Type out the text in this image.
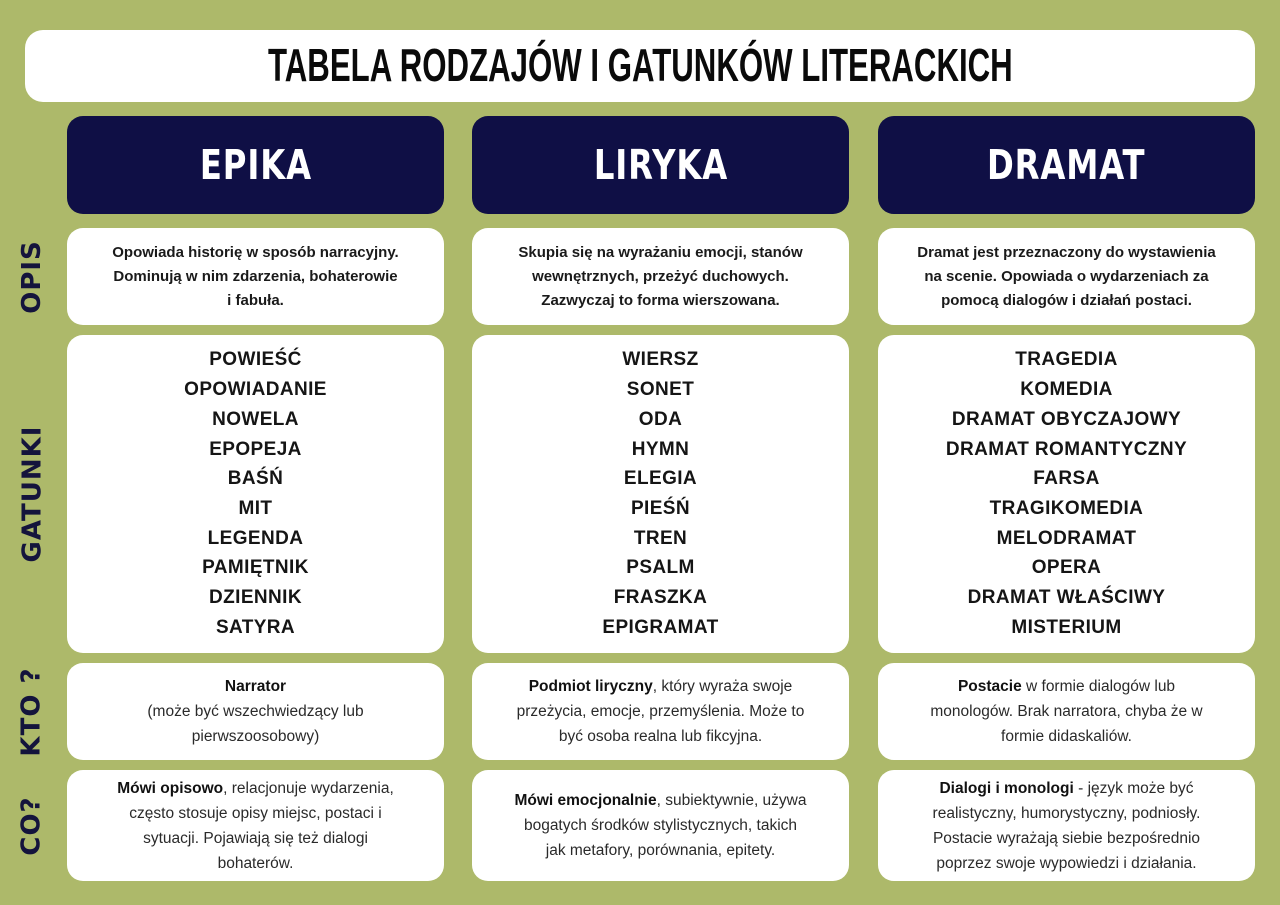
TABELA RODZAJÓW I GATUNKÓW LITERACKICH
EPIKA	LIRYKA	DRAMAT
OPIS
GATUNKI
KTO ?
CO?
Opowiada historię w sposób narracyjny.
Dominują w nim zdarzenia, bohaterowie
i fabuła.
POWIEŚĆ
OPOWIADANIE
NOWELA
EPOPEJA
BAŚŃ
MIT
LEGENDA
PAMIĘTNIK
DZIENNIK
SATYRA
Narrator
(może być wszechwiedzący lub
pierwszoosobowy)
Mówi opisowo, relacjonuje wydarzenia,
często stosuje opisy miejsc, postaci i
sytuacji. Pojawiają się też dialogi
bohaterów.
Skupia się na wyrażaniu emocji, stanów
wewnętrznych, przeżyć duchowych.
Zazwyczaj to forma wierszowana.
WIERSZ
SONET
ODA
HYMN
ELEGIA
PIEŚŃ
TREN
PSALM
FRASZKA
EPIGRAMAT
Podmiot liryczny, który wyraża swoje
przeżycia, emocje, przemyślenia. Może to
być osoba realna lub fikcyjna.
Mówi emocjonalnie, subiektywnie, używa
bogatych środków stylistycznych, takich
jak metafory, porównania, epitety.
Dramat jest przeznaczony do wystawienia
na scenie. Opowiada o wydarzeniach za
pomocą dialogów i działań postaci.
TRAGEDIA
KOMEDIA
DRAMAT OBYCZAJOWY
DRAMAT ROMANTYCZNY
FARSA
TRAGIKOMEDIA
MELODRAMAT
OPERA
DRAMAT WŁAŚCIWY
MISTERIUM
Postacie w formie dialogów lub
monologów. Brak narratora, chyba że w
formie didaskaliów.
Dialogi i monologi - język może być
realistyczny, humorystyczny, podniosły.
Postacie wyrażają siebie bezpośrednio
poprzez swoje wypowiedzi i działania.
